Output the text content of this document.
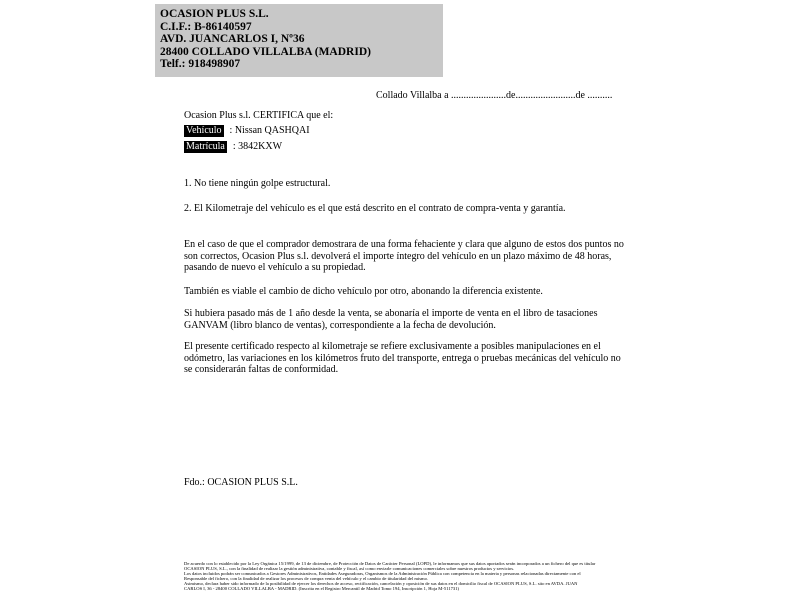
OCASION PLUS S.L.
C.I.F.: B-86140597
AVD. JUANCARLOS I, Nº36
28400 COLLADO VILLALBA (MADRID)
Telf.: 918498907
Collado Villalba a ......................de........................de ..........
Ocasion Plus s.l. CERTIFICA que el:
Vehículo : Nissan QASHQAI
Matrícula : 3842KXW
1. No tiene ningún golpe estructural.
2. El Kilometraje del vehículo es el que está descrito en el contrato de compra-venta y garantía.
En el caso de que el comprador demostrara de una forma fehaciente y clara que alguno de estos dos puntos no son correctos, Ocasion Plus s.l. devolverá el importe íntegro del vehículo en un plazo máximo de 48 horas, pasando de nuevo el vehículo a su propiedad.
También es viable el cambio de dicho vehículo por otro, abonando la diferencia existente.
Si hubiera pasado más de 1 año desde la venta, se abonaría el importe de venta en el libro de tasaciones GANVAM (libro blanco de ventas), correspondiente a la fecha de devolución.
El presente certificado respecto al kilometraje se refiere exclusivamente a posibles manipulaciones en el odómetro, las variaciones en los kilómetros fruto del transporte, entrega o pruebas mecánicas del vehículo no se considerarán faltas de conformidad.
Fdo.: OCASION PLUS S.L.
De acuerdo con lo establecido por la Ley Orgánica 15/1999, de 13 de diciembre, de Protección de Datos de Carácter Personal (LOPD), le informamos que sus datos aportados serán incorporados a un fichero del que es titular
OCASION PLUS, S.L., con la finalidad de realizar la gestión administrativa, contable y fiscal, así como enviarle comunicaciones comerciales sobre nuestros productos y servicios.
Los datos incluidos podrán ser comunicados a Gestores Administrativos, Entidades Aseguradoras, Organismos de la Administración Pública con competencia en la materia y personas relacionadas directamente con el
Responsable del fichero, con la finalidad de realizar los procesos de compra venta del vehículo y el cambio de titularidad del mismo.
Asimismo, declara haber sido informado de la posibilidad de ejercer los derechos de acceso, rectificación, cancelación y oposición de sus datos en el domicilio fiscal de OCASION PLUS, S.L. sito en AVDA. JUAN
CARLOS I, 36 - 28400 COLLADO VILLALBA - MADRID. (Inscrita en el Registro Mercantil de Madrid Tomo 194, Inscripción 1, Hoja M-511731)
